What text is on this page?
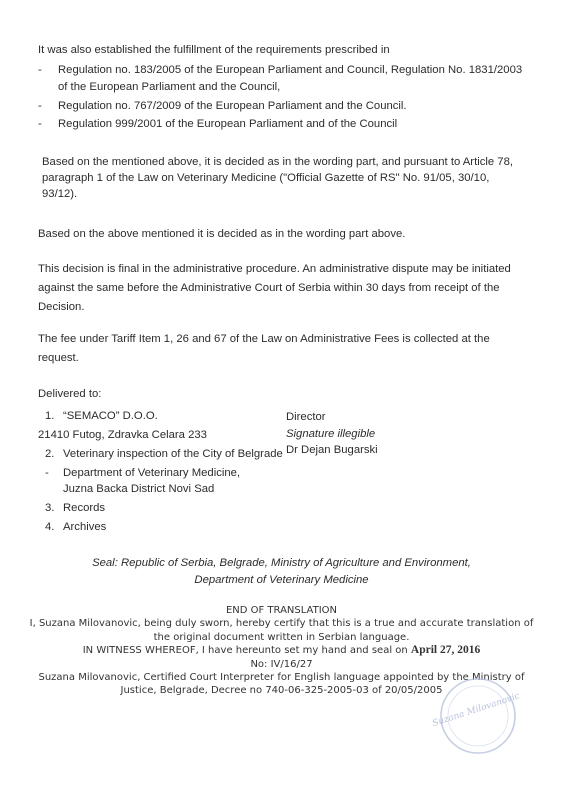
It was also established the fulfillment of the requirements prescribed in
- Regulation no. 183/2005 of the European Parliament and Council, Regulation No. 1831/2003 of the European Parliament and the Council,
- Regulation no. 767/2009 of the European Parliament and the Council.
- Regulation 999/2001 of the European Parliament and of the Council
Based on the mentioned above, it is decided as in the wording part, and pursuant to Article 78, paragraph 1 of the Law on Veterinary Medicine ("Official Gazette of RS" No. 91/05, 30/10, 93/12).
Based on the above mentioned it is decided as in the wording part above.
This decision is final in the administrative procedure. An administrative dispute may be initiated against the same before the Administrative Court of Serbia within 30 days from receipt of the Decision.
The fee under Tariff Item 1, 26 and 67 of the Law on Administrative Fees is collected at the request.
Delivered to:
1. “SEMACO” D.O.O.
21410 Futog, Zdravka Celara 233
2. Veterinary inspection of the City of Belgrade
- Department of Veterinary Medicine, Juzna Backa District Novi Sad
3. Records
4. Archives
Director
Signature illegible
Dr Dejan Bugarski
Seal: Republic of Serbia, Belgrade, Ministry of Agriculture and Environment,
Department of Veterinary Medicine
END OF TRANSLATION
I, Suzana Milovanovic, being duly sworn, hereby certify that this is a true and accurate translation of
the original document written in Serbian language.
IN WITNESS WHEREOF, I have hereunto set my hand and seal on April 27, 2016
No: IV/16/27
Suzana Milovanovic, Certified Court Interpreter for English language appointed by the Ministry of
Justice, Belgrade, Decree no 740-06-325-2005-03 of 20/05/2005
Suzana Milovanovic
